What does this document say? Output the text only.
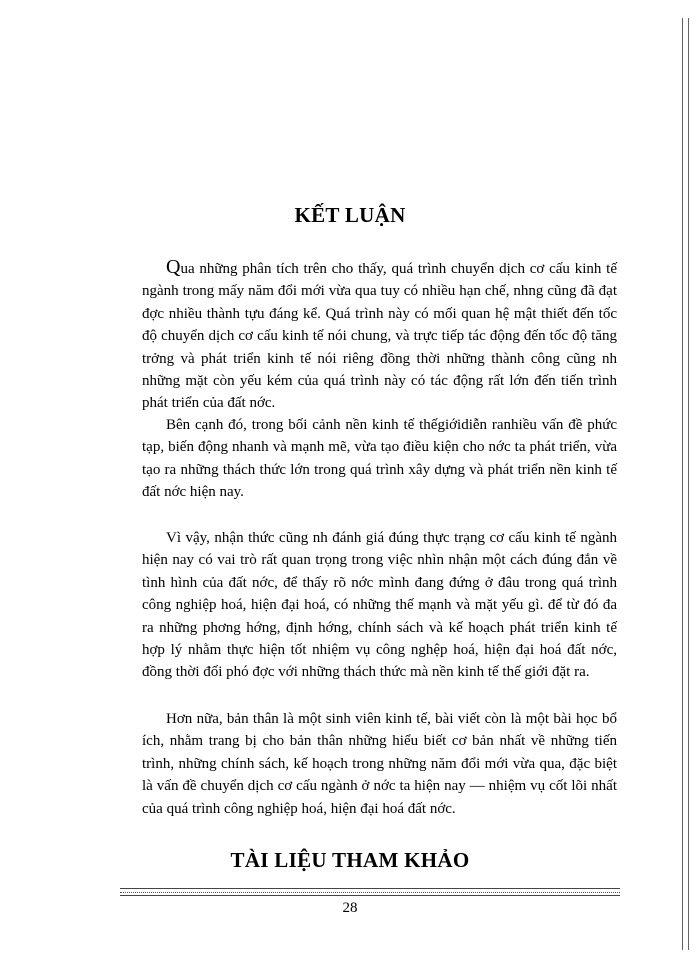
KẾT LUẬN

Qua những phân tích trên cho thấy, quá trình chuyển dịch cơ cấu kinh tế ngành trong mấy năm đổi mới vừa qua tuy có nhiều hạn chế, nhng cũng đã đạt đợc nhiều thành tựu đáng kể. Quá trình này có mối quan hệ mật thiết đến tốc độ chuyển dịch cơ cấu kinh tế nói chung, và trực tiếp tác động đến tốc độ tăng trởng và phát triển kinh tế nói riêng đồng thời những thành công cũng nh những mặt còn yếu kém của quá trình này có tác động rất lớn đến tiến trình phát triển của đất nớc.

Bên cạnh đó, trong bối cảnh nền kinh tế thếgiớidiễn ranhiều vấn đề phức tạp, biến động nhanh và mạnh mẽ, vừa tạo điều kiện cho nớc ta phát triển, vừa tạo ra những thách thức lớn trong quá trình xây dựng và phát triển nền kinh tế đất nớc hiện nay.

Vì vậy, nhận thức cũng nh đánh giá đúng thực trạng cơ cấu kinh tế ngành hiện nay có vai trò rất quan trọng trong việc nhìn nhận một cách đúng đắn về tình hình của đất nớc, để thấy rõ nớc mình đang đứng ở đâu trong quá trình công nghiệp hoá, hiện đại hoá, có những thế mạnh và mặt yếu gì. để từ đó đa ra những phơng hớng, định hớng, chính sách và kế hoạch phát triển kinh tế hợp lý nhằm thực hiện tốt nhiệm vụ công nghệp hoá, hiện đại hoá đất nớc, đồng thời đối phó đợc với những thách thức mà nền kinh tế thế giới đặt ra.

Hơn nữa, bản thân là một sinh viên kinh tế, bài viết còn là một bài học bổ ích, nhằm trang bị cho bản thân những hiểu biết cơ bản nhất về những tiến trình, những chính sách, kế hoạch trong những năm đổi mới vừa qua, đặc biệt là vấn đề chuyển dịch cơ cấu ngành ở nớc ta hiện nay — nhiệm vụ cốt lõi nhất của quá trình công nghiệp hoá, hiện đại hoá đất nớc.

TÀI LIỆU THAM KHẢO
28
